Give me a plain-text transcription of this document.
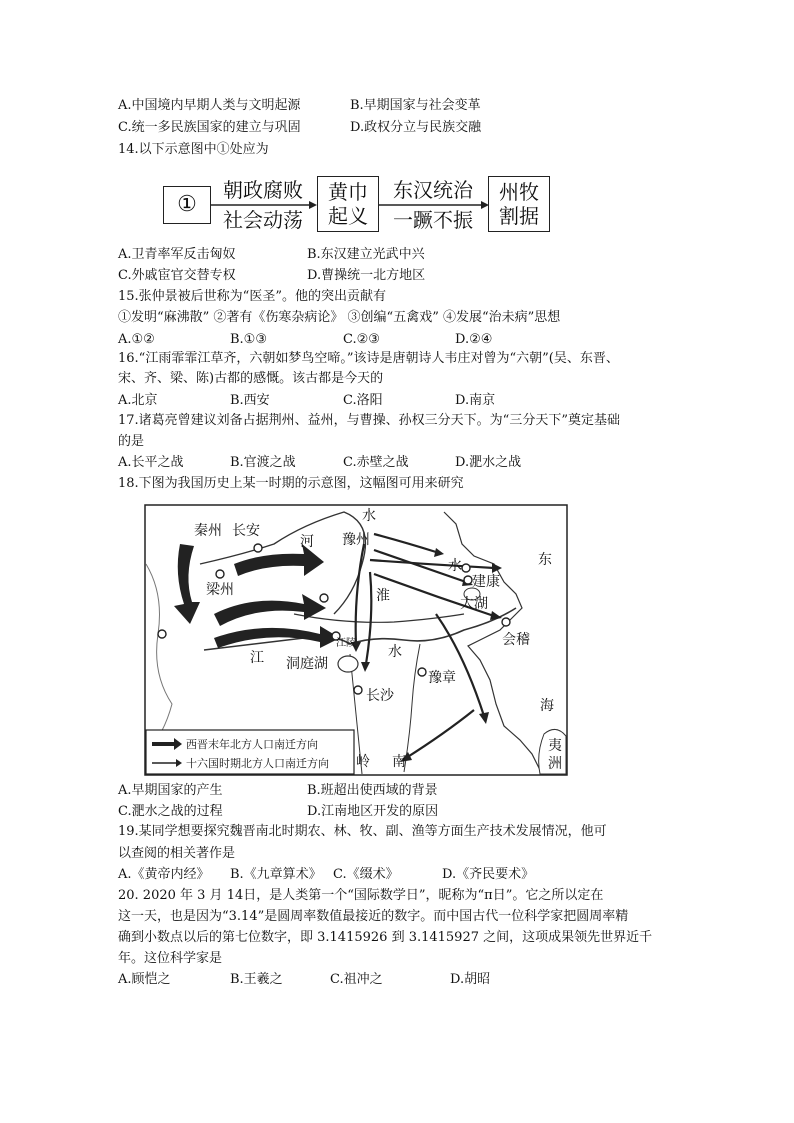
A.中国境内早期人类与文明起源	B.早期国家与社会变革
C.统一多民族国家的建立与巩固	D.政权分立与民族交融
14.以下示意图中①处应为
①
朝政腐败
社会动荡
黄巾
起义
东汉统治
一蹶不振
州牧
割据
A.卫青率军反击匈奴	B.东汉建立光武中兴
C.外戚宦官交替专权	D.曹操统一北方地区
15.张仲景被后世称为“医圣”。他的突出贡献有
①发明“麻沸散” ②著有《伤寒杂病论》 ③创编“五禽戏” ④发展“治未病”思想
A.①②	B.①③	C.②③	D.②④
16.“江雨霏霏江草齐，六朝如梦鸟空啼。”该诗是唐朝诗人韦庄对曾为“六朝”(吴、东晋、
宋、齐、梁、陈)古都的感慨。该古都是今天的
A.北京	B.西安	C.洛阳	D.南京
17.诸葛亮曾建议刘备占据荆州、益州，与曹操、孙权三分天下。为“三分天下”奠定基础
的是
A.长平之战	B.官渡之战	C.赤壁之战	D.淝水之战
18.下图为我国历史上某一时期的示意图，这幅图可用来研究
秦州 长安
河
水
豫州
东
水
建康
梁州	淮	太湖
会稽
江 洞庭湖
水
豫章
长沙
海
岭 南
夷
洲
江陵
西晋末年北方人口南迁方向
十六国时期北方人口南迁方向
A.早期国家的产生	B.班超出使西域的背景
C.淝水之战的过程	D.江南地区开发的原因
19.某同学想要探究魏晋南北时期农、林、牧、副、渔等方面生产技术发展情况，他可
以查阅的相关著作是
A.《黄帝内经》 B.《九章算术》 C.《缀术》	D.《齐民要术》
20. 2020 年 3 月 14日，是人类第一个“国际数学日”，昵称为“π日”。它之所以定在
这一天，也是因为“3.14”是圆周率数值最接近的数字。而中国古代一位科学家把圆周率精
确到小数点以后的第七位数字，即 3.1415926 到 3.1415927 之间，这项成果领先世界近千
年。这位科学家是
A.顾恺之	B.王羲之	C.祖冲之	D.胡昭
